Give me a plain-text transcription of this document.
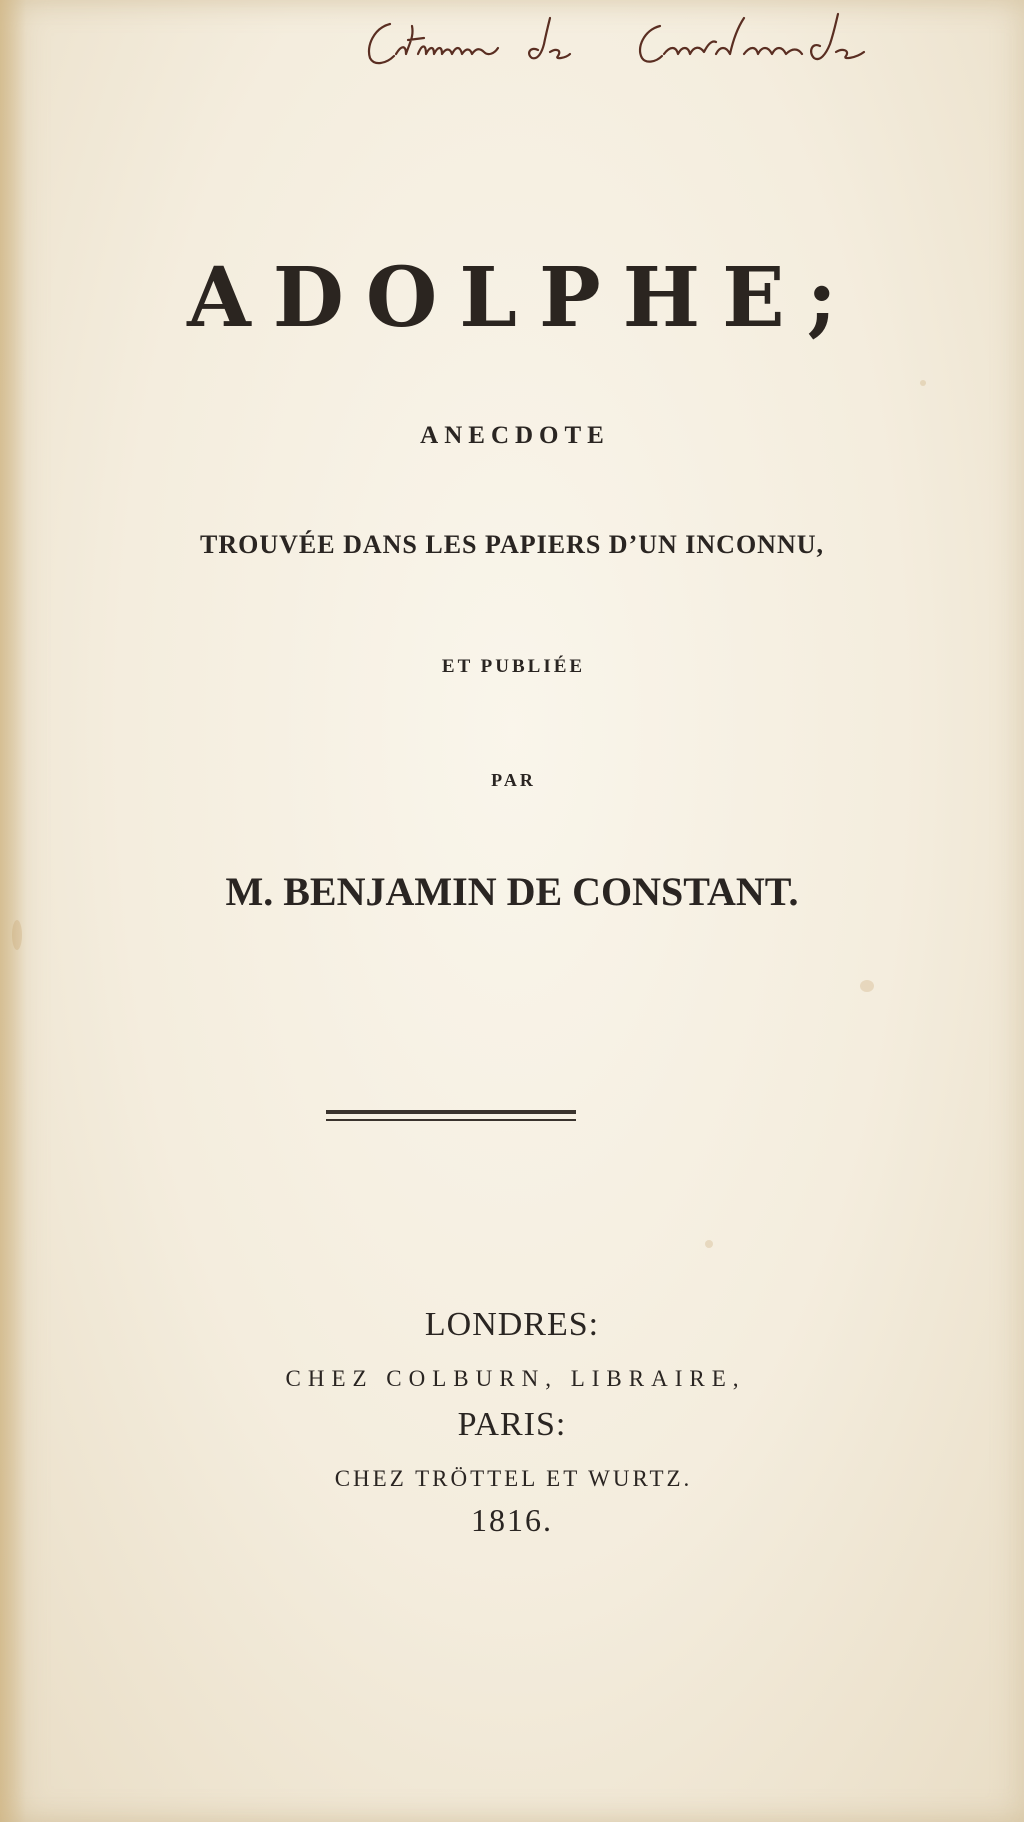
ADOLPHE;
ANECDOTE
TROUVÉE DANS LES PAPIERS D’UN INCONNU,
ET PUBLIÉE
PAR
M. BENJAMIN DE CONSTANT.
LONDRES:
CHEZ COLBURN, LIBRAIRE,
PARIS:
CHEZ TRÖTTEL ET WURTZ.
1816.
